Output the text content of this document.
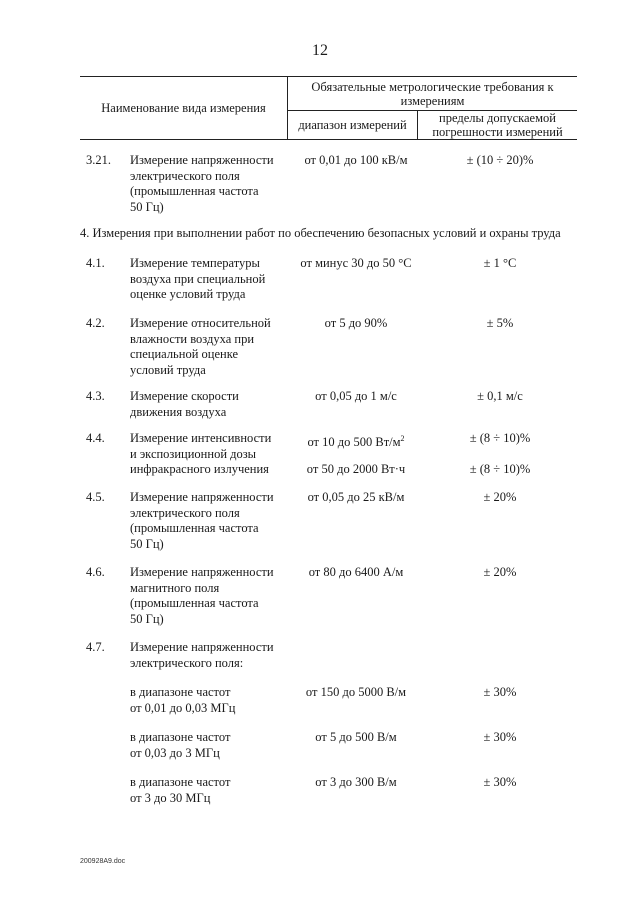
12
Наименование вида измерения
Обязательные метрологические требования к измерениям
диапазон измерений	пределы допускаемой погрешности измерений
3.21.	Измерение напряженности
электрического поля
(промышленная частота
50 Гц)
от 0,01 до 100 кВ/м	± (10 ÷ 20)%
4. Измерения при выполнении работ по обеспечению безопасных условий и охраны труда
4.1.	Измерение температуры
воздуха при специальной
оценке условий труда
от минус 30 до 50 °C	± 1 °C
4.2.	Измерение относительной
влажности воздуха при
специальной оценке
условий труда
от 5 до 90%	± 5%
4.3.	Измерение скорости
движения воздуха
от 0,05 до 1 м/с	± 0,1 м/с
4.4.	Измерение интенсивности
и экспозиционной дозы
инфракрасного излучения
от 10 до 500 $Вт/м^2$	± (8 ÷ 10)%
от 50 до 2000 Вт·ч	± (8 ÷ 10)%
4.5.	Измерение напряженности
электрического поля
(промышленная частота
50 Гц)
от 0,05 до 25 кВ/м	± 20%
4.6.	Измерение напряженности
магнитного поля
(промышленная частота
50 Гц)
от 80 до 6400 А/м	± 20%
4.7.	Измерение напряженности
электрического поля:
в диапазоне частот
от 0,01 до 0,03 МГц
от 150 до 5000 В/м	± 30%
в диапазоне частот
от 0,03 до 3 МГц
от 5 до 500 В/м	± 30%
в диапазоне частот
от 3 до 30 МГц
от 3 до 300 В/м	± 30%
200928A9.doc
